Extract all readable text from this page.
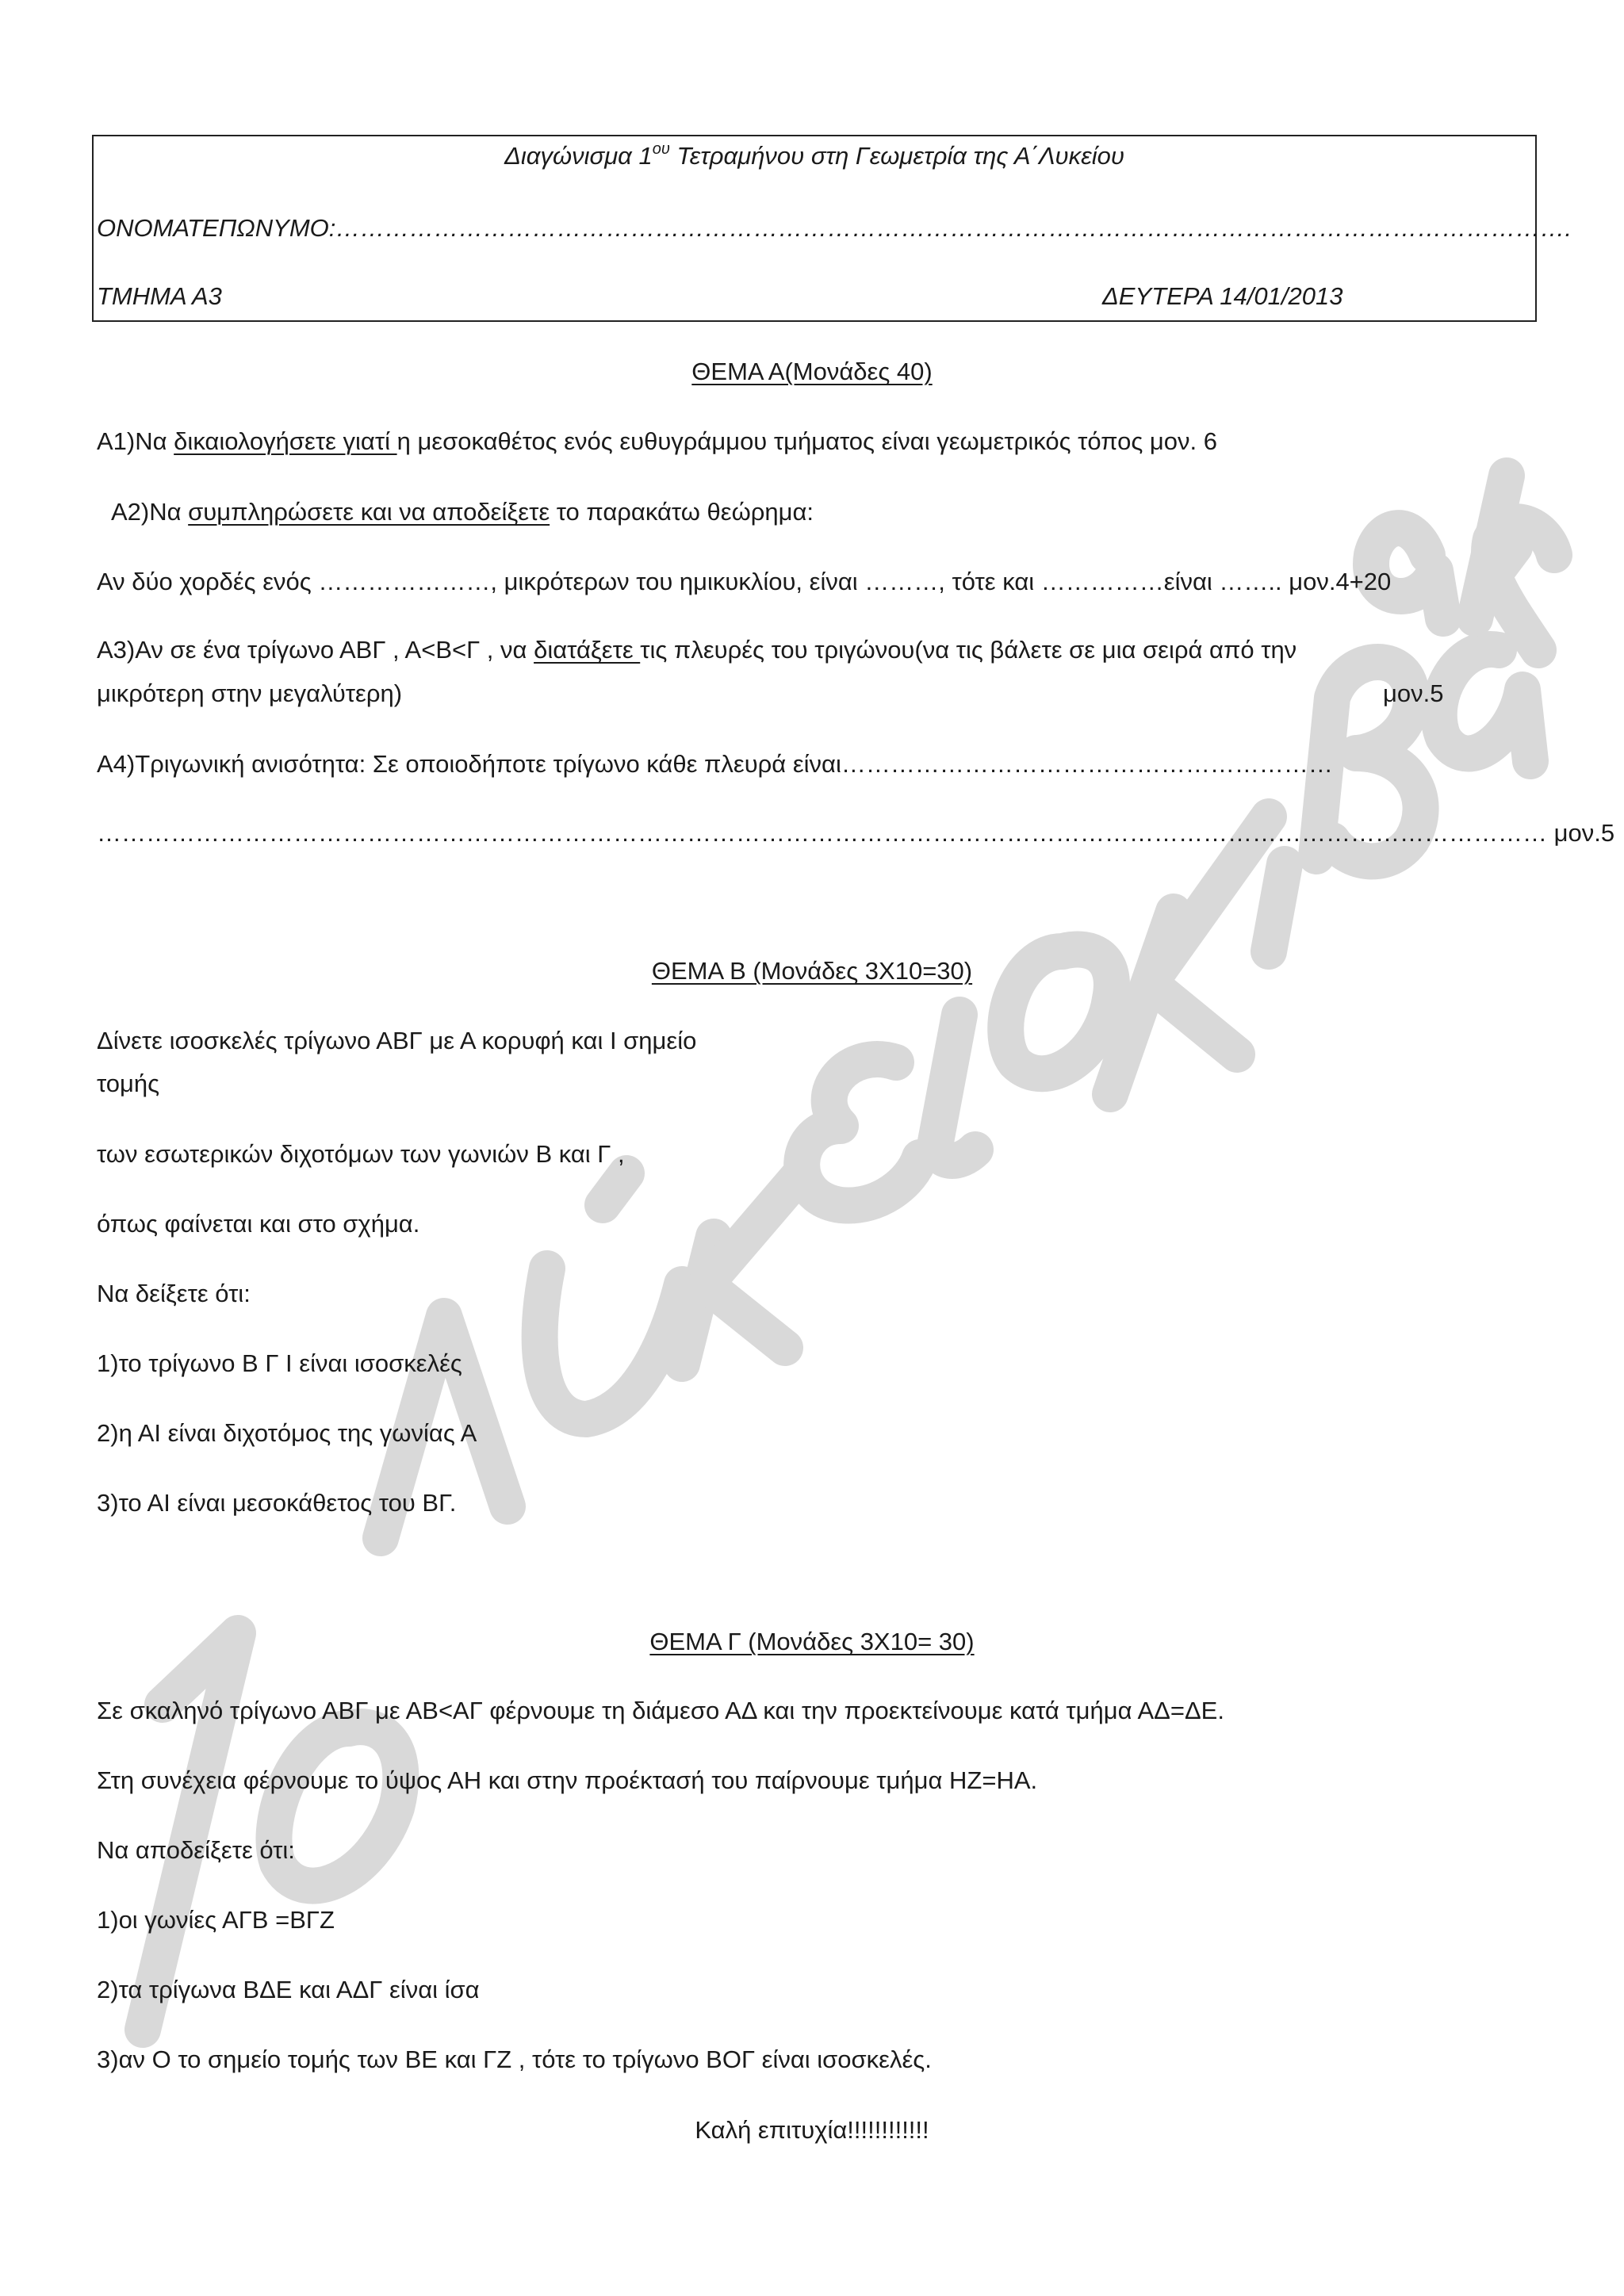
Διαγώνισμα $1^{o\upsilon}$ Τετραμήνου στη Γεωμετρία της Α΄Λυκείου

ΟΝΟΜΑΤΕΠΩΝΥΜΟ:…………………………………………………………………………………………………………………………………….

ΤΜΗΜΑ Α3	ΔΕΥΤΕΡΑ 14/01/2013

ΘΕΜΑ Α(Μονάδες 40)

Α1)Να δικαιολογήσετε γιατί η μεσοκαθέτος ενός ευθυγράμμου τμήματος είναι γεωμετρικός τόπος μον. 6

Α2)Να συμπληρώσετε και να αποδείξετε το παρακάτω θεώρημα:

Αν δύο χορδές ενός …………………, μικρότερων του ημικυκλίου, είναι ………, τότε και ……………είναι …….. μον.4+20

Α3)Αν σε ένα τρίγωνο ΑΒΓ , Α<Β<Γ , να διατάξετε τις πλευρές του τριγώνου(να τις βάλετε σε μια σειρά από την

μικρότερη στην μεγαλύτερη)	μον.5

Α4)Τριγωνική ανισότητα: Σε οποιοδήποτε τρίγωνο κάθε πλευρά είναι……………………………………………………

…………………………………………………………………………………………………………………………………………………………… μον.5

ΘΕΜΑ Β (Μονάδες 3Χ10=30)

Δίνετε ισοσκελές τρίγωνο ΑΒΓ με Α κορυφή και Ι σημείο

τομής

των εσωτερικών διχοτόμων των γωνιών Β και Γ ,

όπως φαίνεται και στο σχήμα.

Να δείξετε ότι:

1)το τρίγωνο Β Γ Ι είναι ισοσκελές

2)η ΑΙ είναι διχοτόμος της γωνίας Α

3)το ΑΙ είναι μεσοκάθετος του ΒΓ.

ΘΕΜΑ Γ (Μονάδες 3Χ10= 30)

Σε σκαληνό τρίγωνο ΑΒΓ με ΑΒ<ΑΓ φέρνουμε τη διάμεσο ΑΔ και την προεκτείνουμε κατά τμήμα ΑΔ=ΔΕ.

Στη συνέχεια φέρνουμε το ύψος ΑΗ και στην προέκτασή του παίρνουμε τμήμα ΗΖ=ΗΑ.

Να αποδείξετε ότι:

1)οι γωνίες ΑΓΒ =ΒΓΖ

2)τα τρίγωνα ΒΔΕ και ΑΔΓ είναι ίσα

3)αν Ο το σημείο τομής των ΒΕ και ΓΖ , τότε το τρίγωνο ΒΟΓ είναι ισοσκελές.

Καλή επιτυχία!!!!!!!!!!!!
